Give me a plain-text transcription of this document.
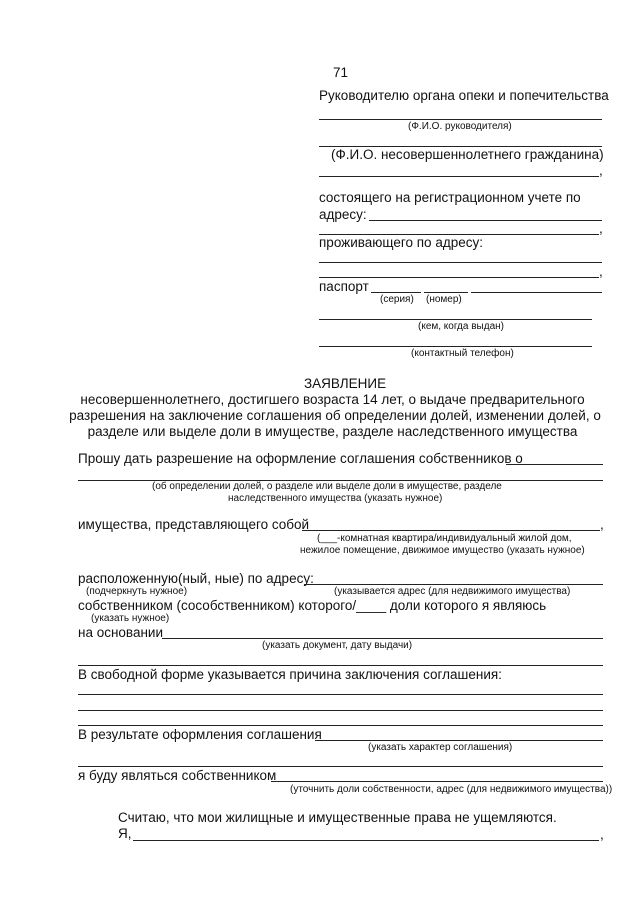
71
Руководителю органа опеки и попечительства
(Ф.И.О. руководителя)
(Ф.И.О. несовершеннолетнего гражданина)
,
состоящего на регистрационном учете по
адресу:
,
проживающего по адресу:
,
паспорт
(серия) (номер)
(кем, когда выдан)
(контактный телефон)
ЗАЯВЛЕНИЕ
несовершеннолетнего, достигшего возраста 14 лет, о выдаче предварительного
разрешения на заключение соглашения об определении долей, изменении долей, о
разделе или выделе доли в имуществе, разделе наследственного имущества
Прошу дать разрешение на оформление соглашения собственников о
(об определении долей, о разделе или выделе доли в имуществе, разделе
наследственного имущества (указать нужное)
имущества, представляющего собой	,
(___-комнатная квартира/индивидуальный жилой дом,
нежилое помещение, движимое имущество (указать нужное)
расположенную(ный, ные) по адресу:
(подчеркнуть нужное)	(указывается адрес (для недвижимого имущества)
собственником (сособственником) которого/____ доли которого я являюсь
(указать нужное)
на основании
(указать документ, дату выдачи)
В свободной форме указывается причина заключения соглашения:
В результате оформления соглашения
(указать характер соглашения)
я буду являться собственником
(уточнить доли собственности, адрес (для недвижимого имущества))
Считаю, что мои жилищные и имущественные права не ущемляются.
Я,	,
